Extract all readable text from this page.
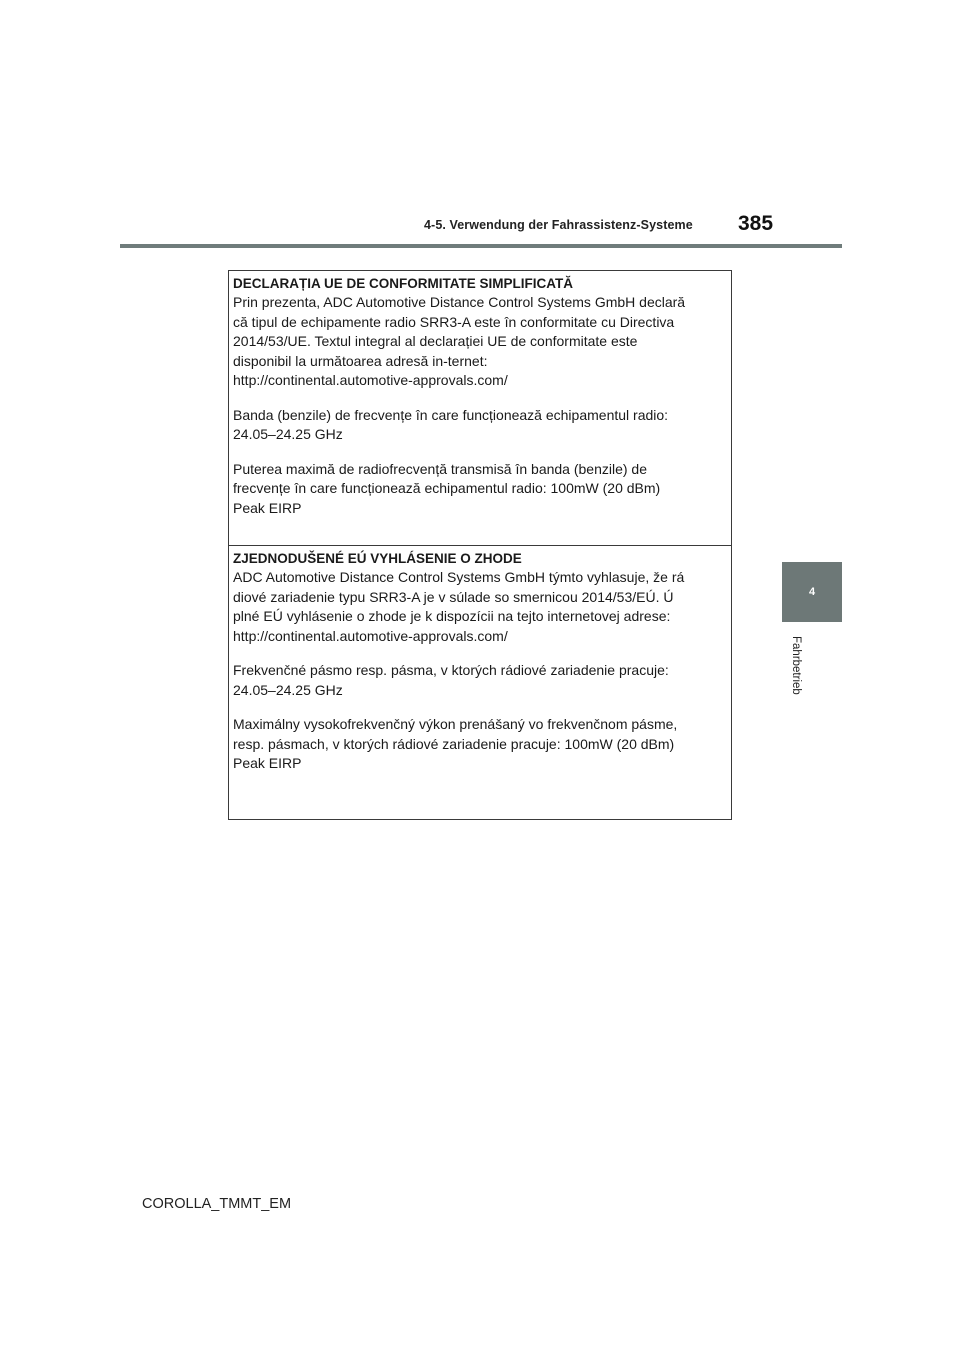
4-5. Verwendung der Fahrassistenz-Systeme 385
4
Fahrbetrieb

DECLARAȚIA UE DE CONFORMITATE SIMPLIFICATĂ

Prin prezenta, ADC Automotive Distance Control Systems GmbH declară
că tipul de echipamente radio SRR3-A este în conformitate cu Directiva
2014/53/UE. Textul integral al declarației UE de conformitate este
disponibil la următoarea adresă in-ternet:
http://continental.automotive-approvals.com/

Banda (benzile) de frecvențe în care funcționează echipamentul radio:
24.05–24.25 GHz

Puterea maximă de radiofrecvență transmisă în banda (benzile) de
frecvențe în care funcționează echipamentul radio: 100mW (20 dBm)
Peak EIRP

ZJEDNODUŠENÉ EÚ VYHLÁSENIE O ZHODE

ADC Automotive Distance Control Systems GmbH týmto vyhlasuje, že rá
diové zariadenie typu SRR3-A je v súlade so smernicou 2014/53/EÚ. Ú
plné EÚ vyhlásenie o zhode je k dispozícii na tejto internetovej adrese:
http://continental.automotive-approvals.com/

Frekvenčné pásmo resp. pásma, v ktorých rádiové zariadenie pracuje:
24.05–24.25 GHz

Maximálny vysokofrekvenčný výkon prenášaný vo frekvenčnom pásme,
resp. pásmach, v ktorých rádiové zariadenie pracuje: 100mW (20 dBm)
Peak EIRP

COROLLA_TMMT_EM
